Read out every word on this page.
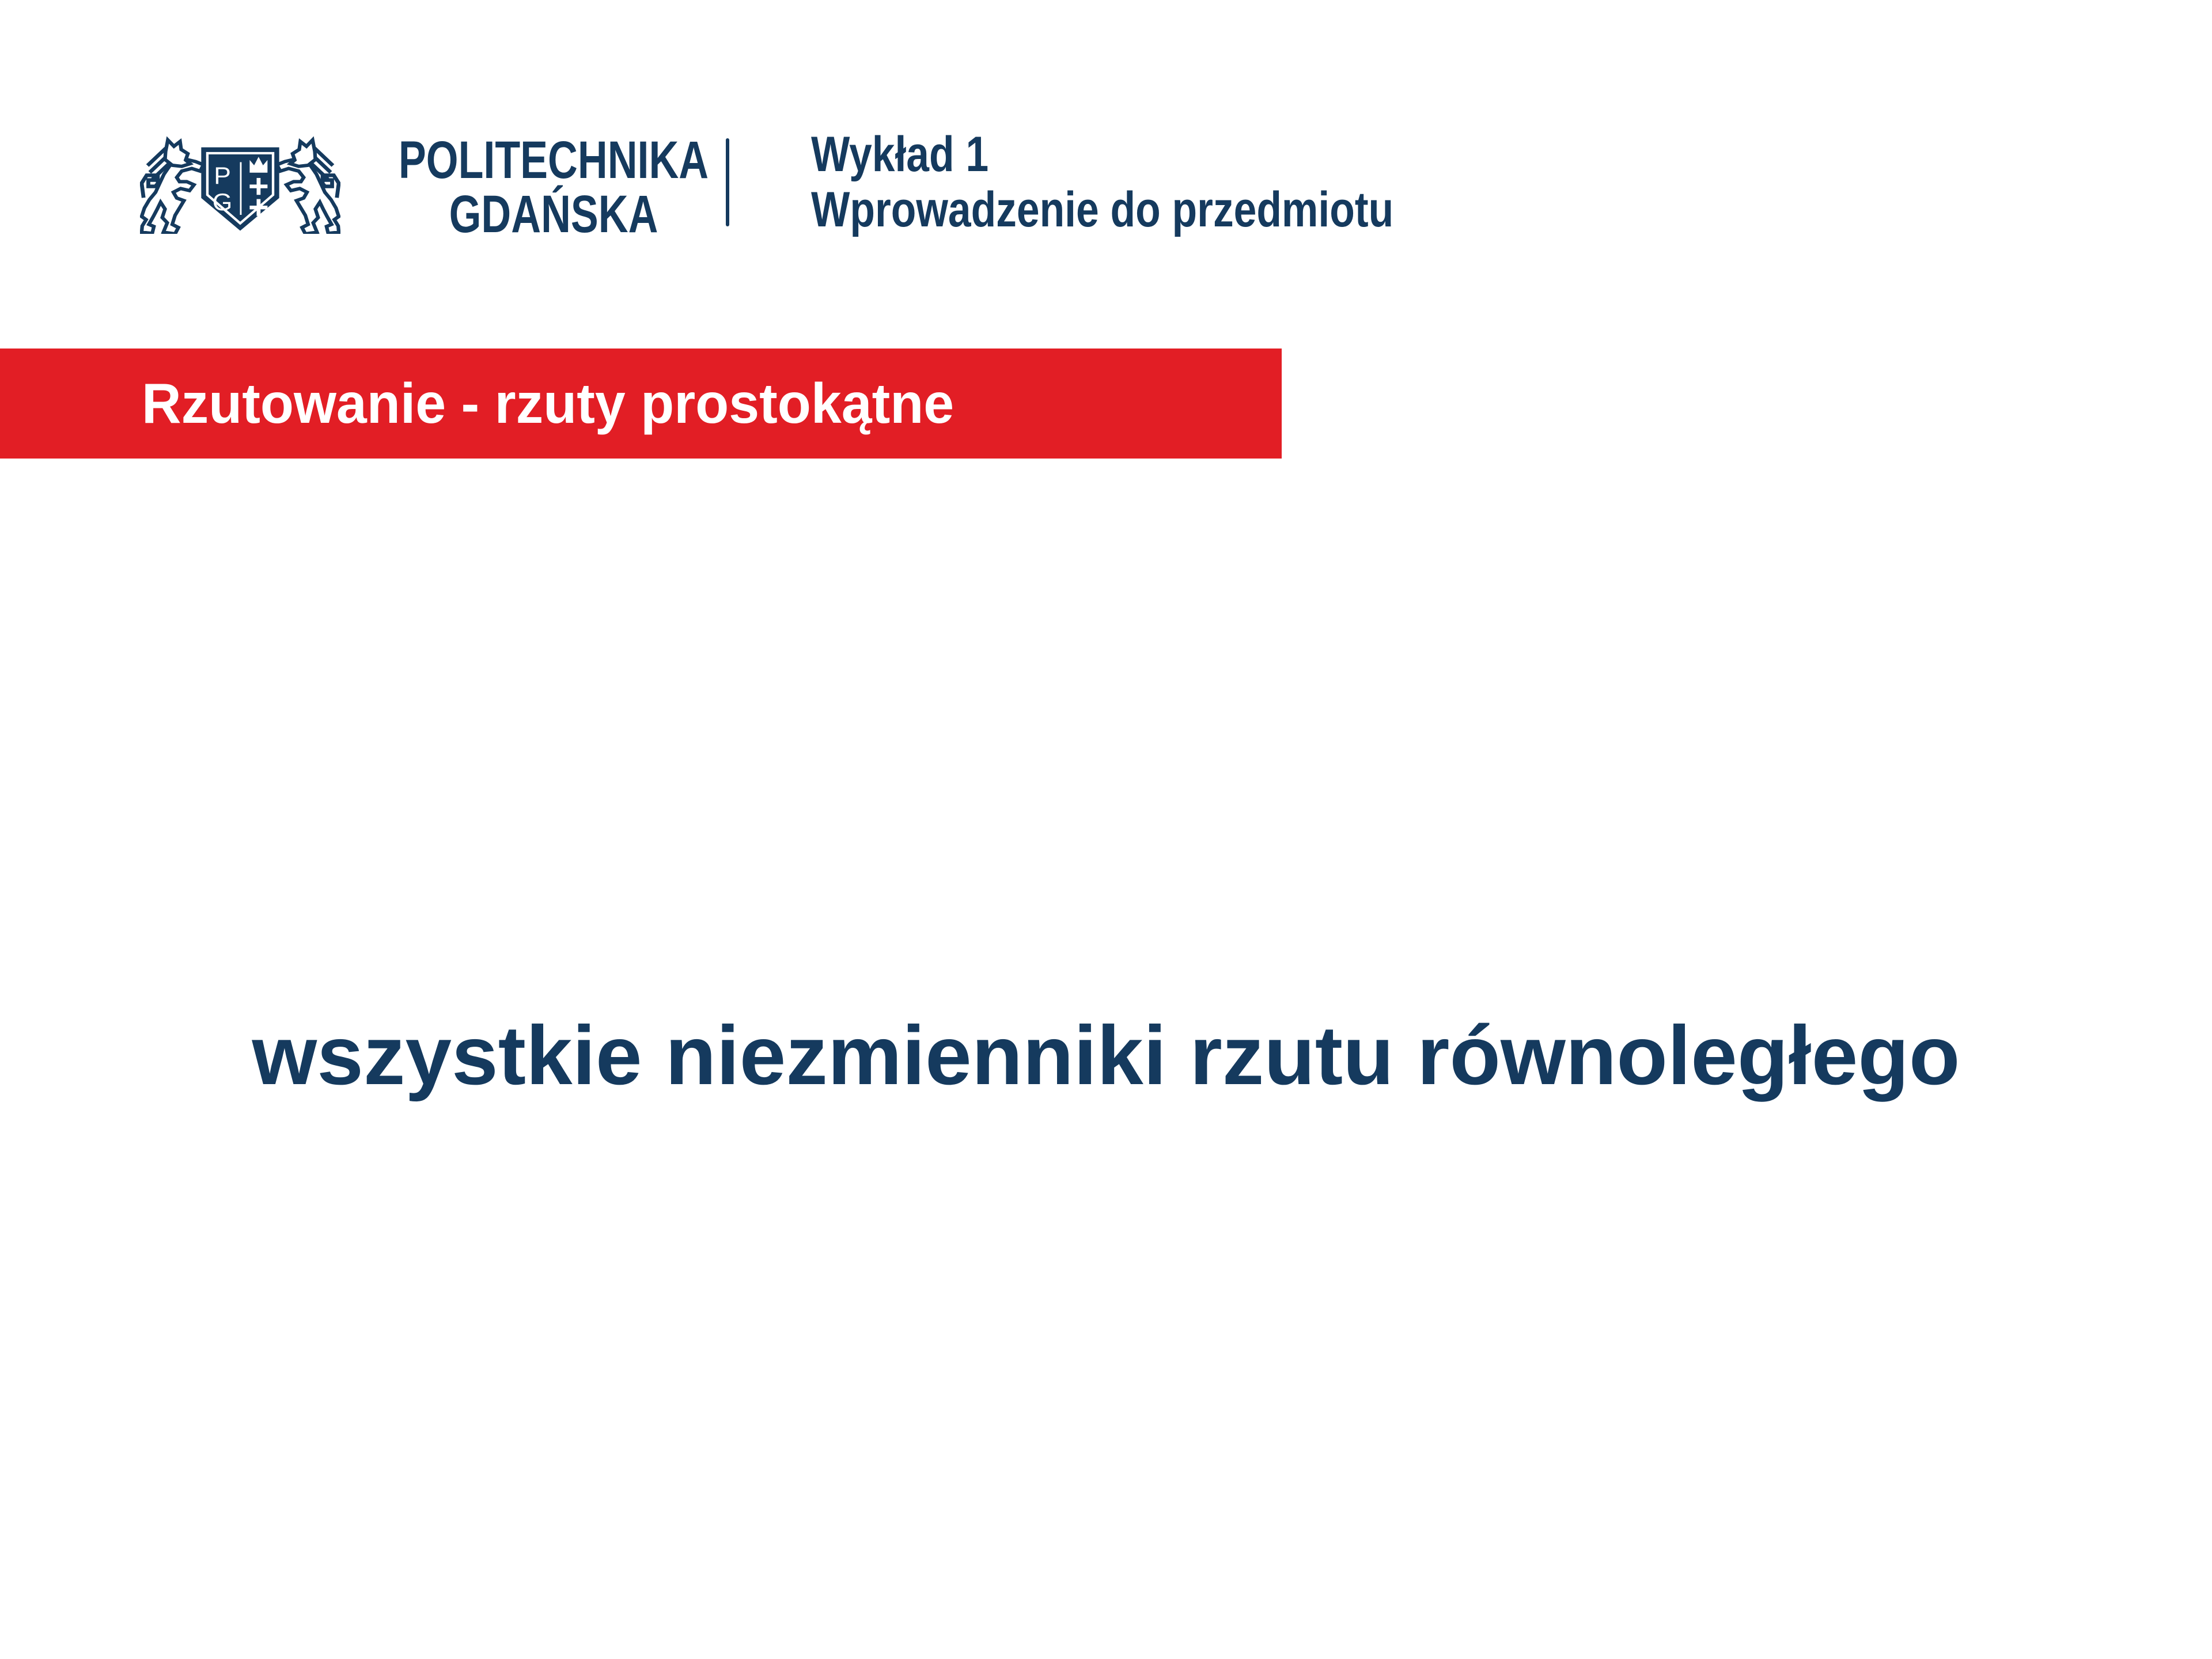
P
G
POLITECHNIKA
GDAŃSKA
Wykład 1
Wprowadzenie do przedmiotu
Rzutowanie - rzuty prostokątne
wszystkie niezmienniki rzutu równoległego
